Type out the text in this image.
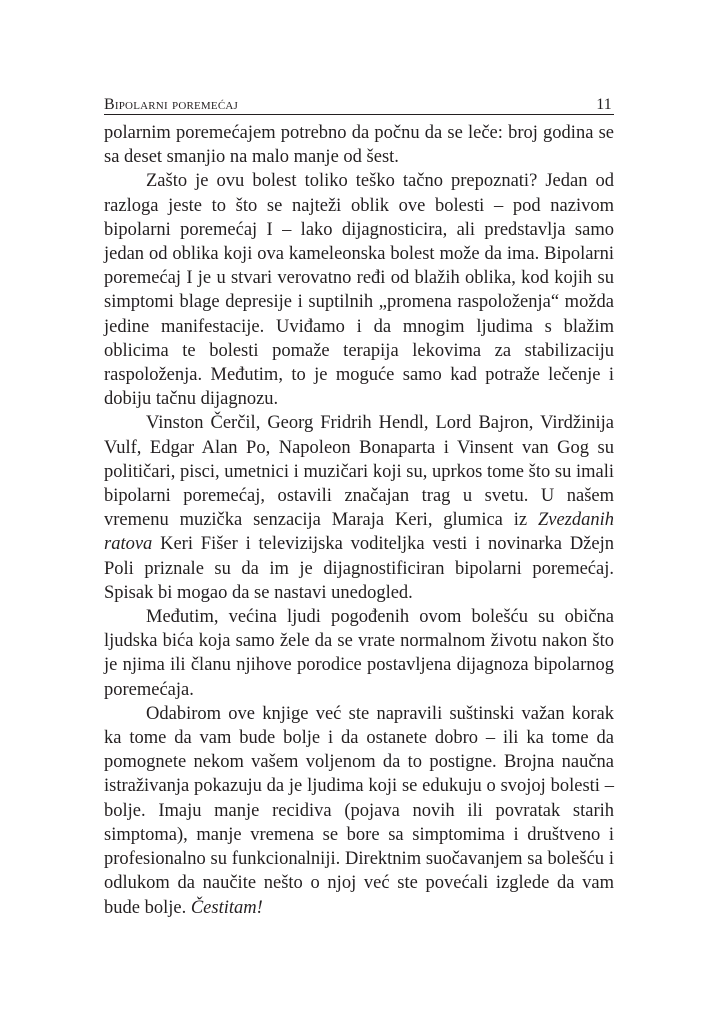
Bipolarni poremećaj	11

polarnim poremećajem potrebno da počnu da se leče: broj godina se sa deset smanjio na malo manje od šest.

Zašto je ovu bolest toliko teško tačno prepoznati? Jedan od razloga jeste to što se najteži oblik ove bolesti – pod nazivom bipolarni poremećaj I – lako dijagnosticira, ali predstavlja samo jedan od oblika koji ova kameleonska bolest može da ima. Bipolarni poremećaj I je u stvari verovatno ređi od blažih oblika, kod kojih su simptomi blage depresije i suptilnih „promena raspoloženja“ možda jedine manifestacije. Uviđamo i da mnogim ljudima s blažim oblicima te bolesti pomaže terapija lekovima za stabilizaciju raspoloženja. Međutim, to je moguće samo kad potraže lečenje i dobiju tačnu dijagnozu.

Vinston Čerčil, Georg Fridrih Hendl, Lord Bajron, Virdžinija Vulf, Edgar Alan Po, Napoleon Bonaparta i Vinsent van Gog su političari, pisci, umetnici i muzičari koji su, uprkos tome što su imali bipolarni poremećaj, ostavili značajan trag u svetu. U našem vremenu muzička senzacija Maraja Keri, glumica iz Zvezdanih ratova Keri Fišer i televizijska voditeljka vesti i novinarka Džejn Poli priznale su da im je dijagnostificiran bipolarni poremećaj. Spisak bi mogao da se nastavi unedogled.

Međutim, većina ljudi pogođenih ovom bolešću su obična ljudska bića koja samo žele da se vrate normalnom životu nakon što je njima ili članu njihove porodice postavljena dijagnoza bipolarnog poremećaja.

Odabirom ove knjige već ste napravili suštinski važan korak ka tome da vam bude bolje i da ostanete dobro – ili ka tome da pomognete nekom vašem voljenom da to postigne. Brojna naučna istraživanja pokazuju da je ljudima koji se edukuju o svojoj bolesti – bolje. Imaju manje recidiva (pojava novih ili povratak starih simptoma), manje vremena se bore sa simptomima i društveno i profesionalno su funkcionalniji. Direktnim suočavanjem sa bolešću i odlukom da naučite nešto o njoj već ste povećali izglede da vam bude bolje. Čestitam!
